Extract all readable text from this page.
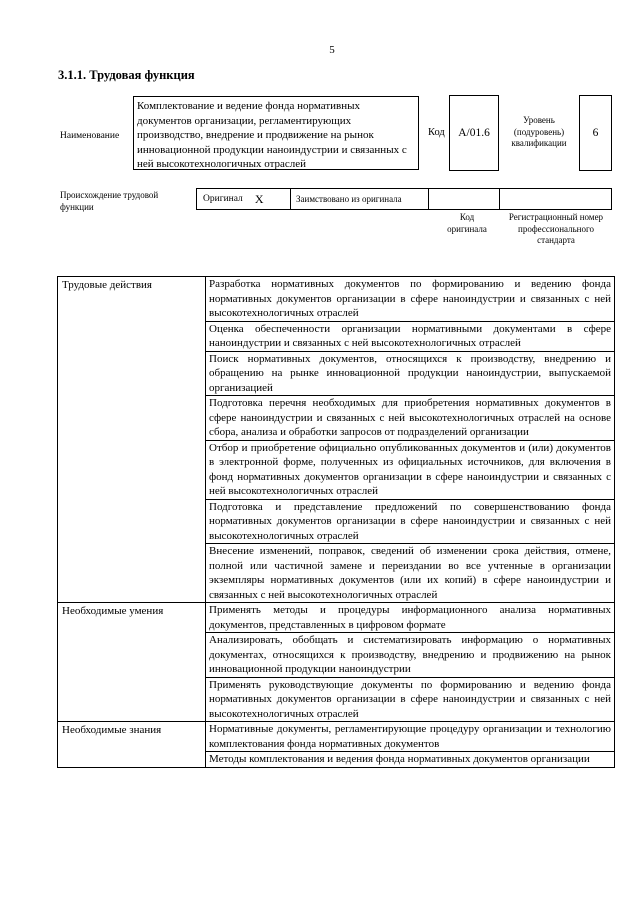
5
3.1.1. Трудовая функция
Наименование
Комплектование и ведение фонда нормативных документов организации, регламентирующих производство, внедрение и продвижение на рынок инновационной продукции наноиндустрии и связанных с ней высокотехнологичных отраслей
Код	A/01.6
Уровень (подуровень) квалификации
6
Происхождение трудовой функции
Оригинал X	Заимствовано из оригинала
Код оригинала
Регистрационный номер профессионального стандарта
Трудовые действия	Разработка нормативных документов по формированию и ведению фонда нормативных документов организации в сфере наноиндустрии и связанных с ней высокотехнологичных отраслей
	Оценка обеспеченности организации нормативными документами в сфере наноиндустрии и связанных с ней высокотехнологичных отраслей
	Поиск нормативных документов, относящихся к производству, внедрению и обращению на рынке инновационной продукции наноиндустрии, выпускаемой организацией
	Подготовка перечня необходимых для приобретения нормативных документов в сфере наноиндустрии и связанных с ней высокотехнологичных отраслей на основе сбора, анализа и обработки запросов от подразделений организации
	Отбор и приобретение официально опубликованных документов и (или) документов в электронной форме, полученных из официальных источников, для включения в фонд нормативных документов организации в сфере наноиндустрии и связанных с ней высокотехнологичных отраслей
	Подготовка и представление предложений по совершенствованию фонда нормативных документов организации в сфере наноиндустрии и связанных с ней высокотехнологичных отраслей
	Внесение изменений, поправок, сведений об изменении срока действия, отмене, полной или частичной замене и переиздании во все учтенные в организации экземпляры нормативных документов (или их копий) в сфере наноиндустрии и связанных с ней высокотехнологичных отраслей
Необходимые умения	Применять методы и процедуры информационного анализа нормативных документов, представленных в цифровом формате
	Анализировать, обобщать и систематизировать информацию о нормативных документах, относящихся к производству, внедрению и продвижению на рынок инновационной продукции наноиндустрии
	Применять руководствующие документы по формированию и ведению фонда нормативных документов организации в сфере наноиндустрии и связанных с ней высокотехнологичных отраслей
Необходимые знания	Нормативные документы, регламентирующие процедуру организации и технологию комплектования фонда нормативных документов
	Методы комплектования и ведения фонда нормативных документов организации
